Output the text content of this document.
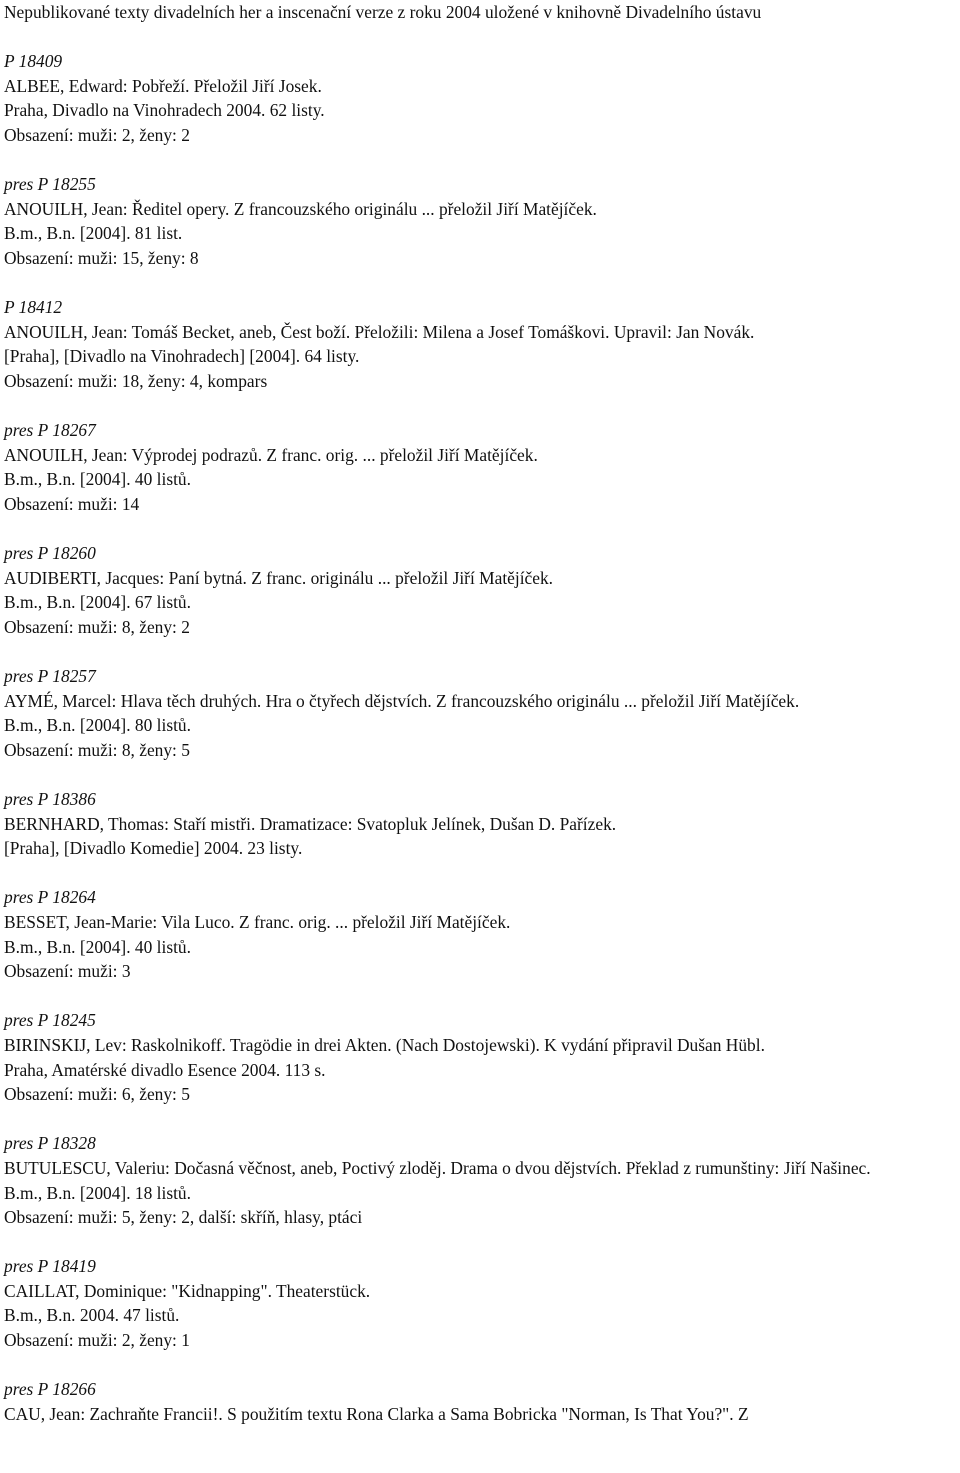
Nepublikované texty divadelních her a inscenační verze z roku 2004 uložené v knihovně Divadelního ústavu
P 18409
ALBEE, Edward: Pobřeží. Přeložil Jiří Josek.
Praha, Divadlo na Vinohradech 2004. 62 listy.
Obsazení: muži: 2, ženy: 2
pres P 18255
ANOUILH, Jean: Ředitel opery. Z francouzského originálu ... přeložil Jiří Matějíček.
B.m., B.n. [2004]. 81 list.
Obsazení: muži: 15, ženy: 8
P 18412
ANOUILH, Jean: Tomáš Becket, aneb, Čest boží. Přeložili: Milena a Josef Tomáškovi. Upravil: Jan Novák.
[Praha], [Divadlo na Vinohradech] [2004]. 64 listy.
Obsazení: muži: 18, ženy: 4, kompars
pres P 18267
ANOUILH, Jean: Výprodej podrazů. Z franc. orig. ... přeložil Jiří Matějíček.
B.m., B.n. [2004]. 40 listů.
Obsazení: muži: 14
pres P 18260
AUDIBERTI, Jacques: Paní bytná. Z franc. originálu ... přeložil Jiří Matějíček.
B.m., B.n. [2004]. 67 listů.
Obsazení: muži: 8, ženy: 2
pres P 18257
AYMÉ, Marcel: Hlava těch druhých. Hra o čtyřech dějstvích. Z francouzského originálu ... přeložil Jiří Matějíček.
B.m., B.n. [2004]. 80 listů.
Obsazení: muži: 8, ženy: 5
pres P 18386
BERNHARD, Thomas: Staří mistři. Dramatizace: Svatopluk Jelínek, Dušan D. Pařízek.
[Praha], [Divadlo Komedie] 2004. 23 listy.
pres P 18264
BESSET, Jean-Marie: Vila Luco. Z franc. orig. ... přeložil Jiří Matějíček.
B.m., B.n. [2004]. 40 listů.
Obsazení: muži: 3
pres P 18245
BIRINSKIJ, Lev: Raskolnikoff. Tragödie in drei Akten. (Nach Dostojewski). K vydání připravil Dušan Hübl.
Praha, Amatérské divadlo Esence 2004. 113 s.
Obsazení: muži: 6, ženy: 5
pres P 18328
BUTULESCU, Valeriu: Dočasná věčnost, aneb, Poctivý zloděj. Drama o dvou dějstvích. Překlad z rumunštiny: Jiří Našinec.
B.m., B.n. [2004]. 18 listů.
Obsazení: muži: 5, ženy: 2, další: skříň, hlasy, ptáci
pres P 18419
CAILLAT, Dominique: "Kidnapping". Theaterstück.
B.m., B.n. 2004. 47 listů.
Obsazení: muži: 2, ženy: 1
pres P 18266
CAU, Jean: Zachraňte Francii!. S použitím textu Rona Clarka a Sama Bobricka "Norman, Is That You?". Z
